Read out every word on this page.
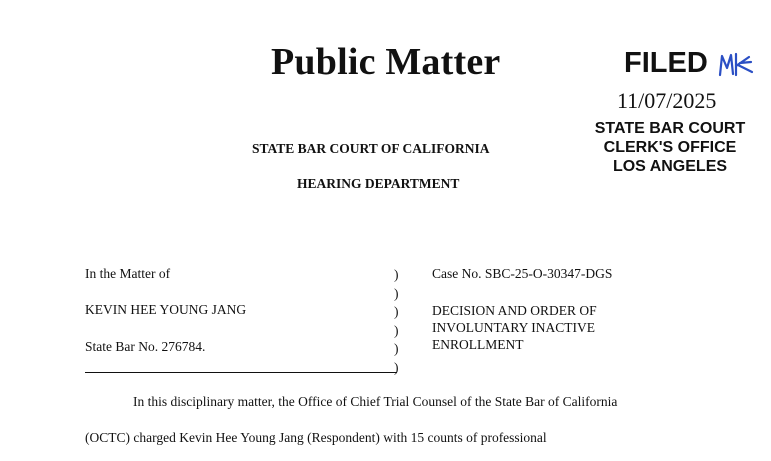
Public Matter	FILED
11/07/2025
STATE BAR COURT
CLERK'S OFFICE
LOS ANGELES
STATE BAR COURT OF CALIFORNIA
HEARING DEPARTMENT
In the Matter of
KEVIN HEE YOUNG JANG
State Bar No. 276784.
)
)
)
)
)
)
Case No. SBC-25-O-30347-DGS
DECISION AND ORDER OF
INVOLUNTARY INACTIVE
ENROLLMENT
In this disciplinary matter, the Office of Chief Trial Counsel of the State Bar of California
(OCTC) charged Kevin Hee Young Jang (Respondent) with 15 counts of professional
